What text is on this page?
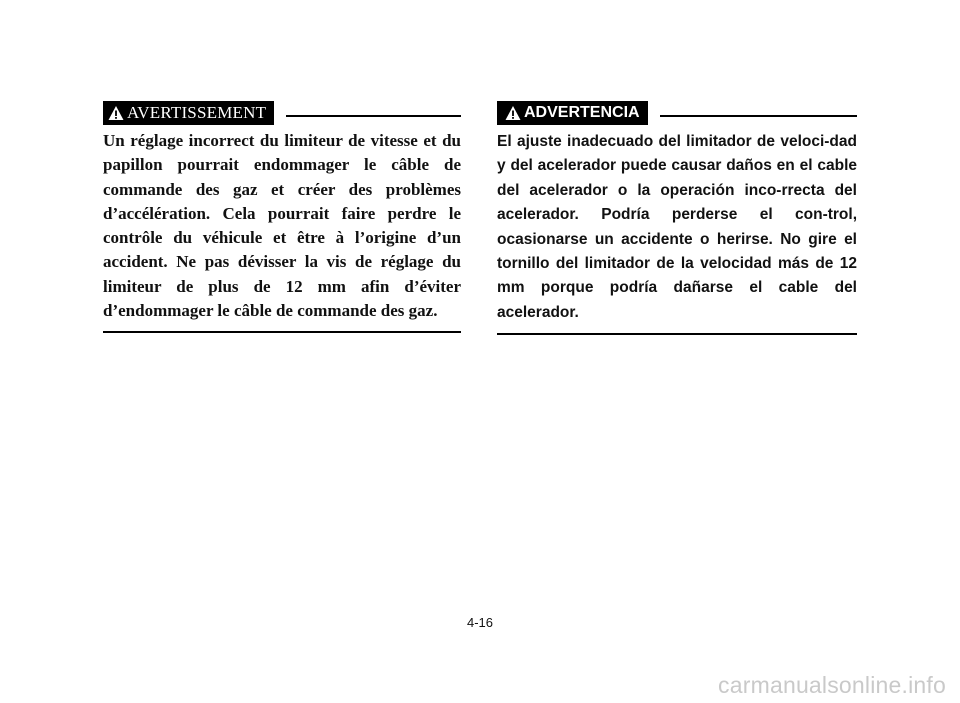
AVERTISSEMENT

Un réglage incorrect du limiteur de vitesse et du papillon pourrait endommager le câble de commande des gaz et créer des problèmes d’accélération. Cela pourrait faire perdre le contrôle du véhicule et être à l’origine d’un accident. Ne pas dévisser la vis de réglage du limiteur de plus de 12 mm afin d’éviter d’endommager le câble de commande des gaz.

ADVERTENCIA

El ajuste inadecuado del limitador de veloci-dad y del acelerador puede causar daños en el cable del acelerador o la operación inco-rrecta del acelerador. Podría perderse el con-trol, ocasionarse un accidente o herirse. No gire el tornillo del limitador de la velocidad más de 12 mm porque podría dañarse el cable del acelerador.

4-16
carmanualsonline.info
